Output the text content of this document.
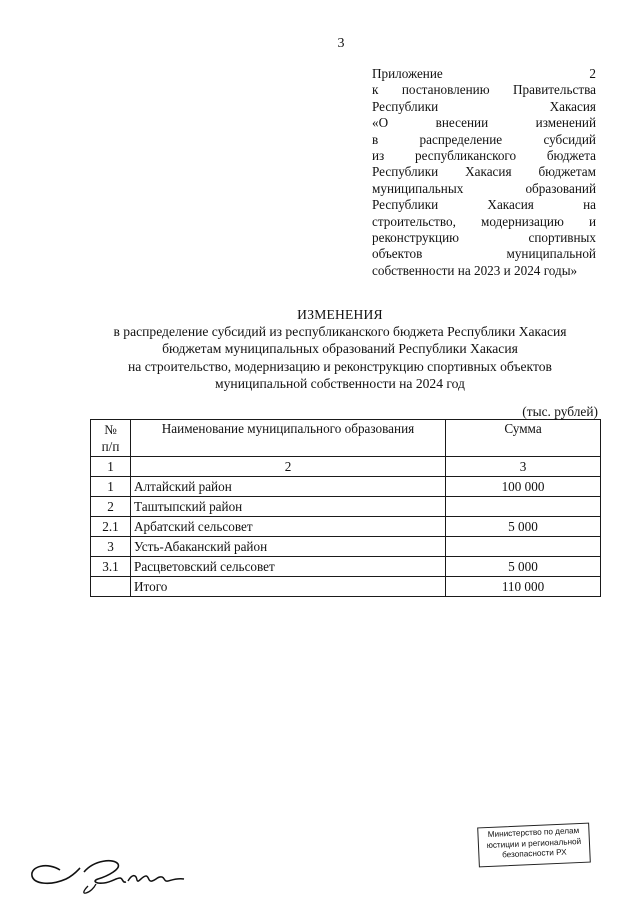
3
Приложение 2
к постановлению Правительства
Республики Хакасия
«О внесении изменений
в распределение субсидий
из республиканского бюджета
Республики Хакасия бюджетам
муниципальных образований
Республики Хакасия на
строительство, модернизацию и
реконструкцию спортивных
объектов муниципальной
собственности на 2023 и 2024 годы»
ИЗМЕНЕНИЯ
в распределение субсидий из республиканского бюджета Республики Хакасия
бюджетам муниципальных образований Республики Хакасия
на строительство, модернизацию и реконструкцию спортивных объектов
муниципальной собственности на 2024 год
(тыс. рублей)
№
п/п	Наименование муниципального образования	Сумма
1	2	3
1	Алтайский район	100 000
2	Таштыпский район	
2.1	Арбатский сельсовет	5 000
3	Усть-Абаканский район	
3.1	Расцветовский сельсовет	5 000
	Итого	110 000
Министерство по делам
юстиции и региональной
безопасности РХ
